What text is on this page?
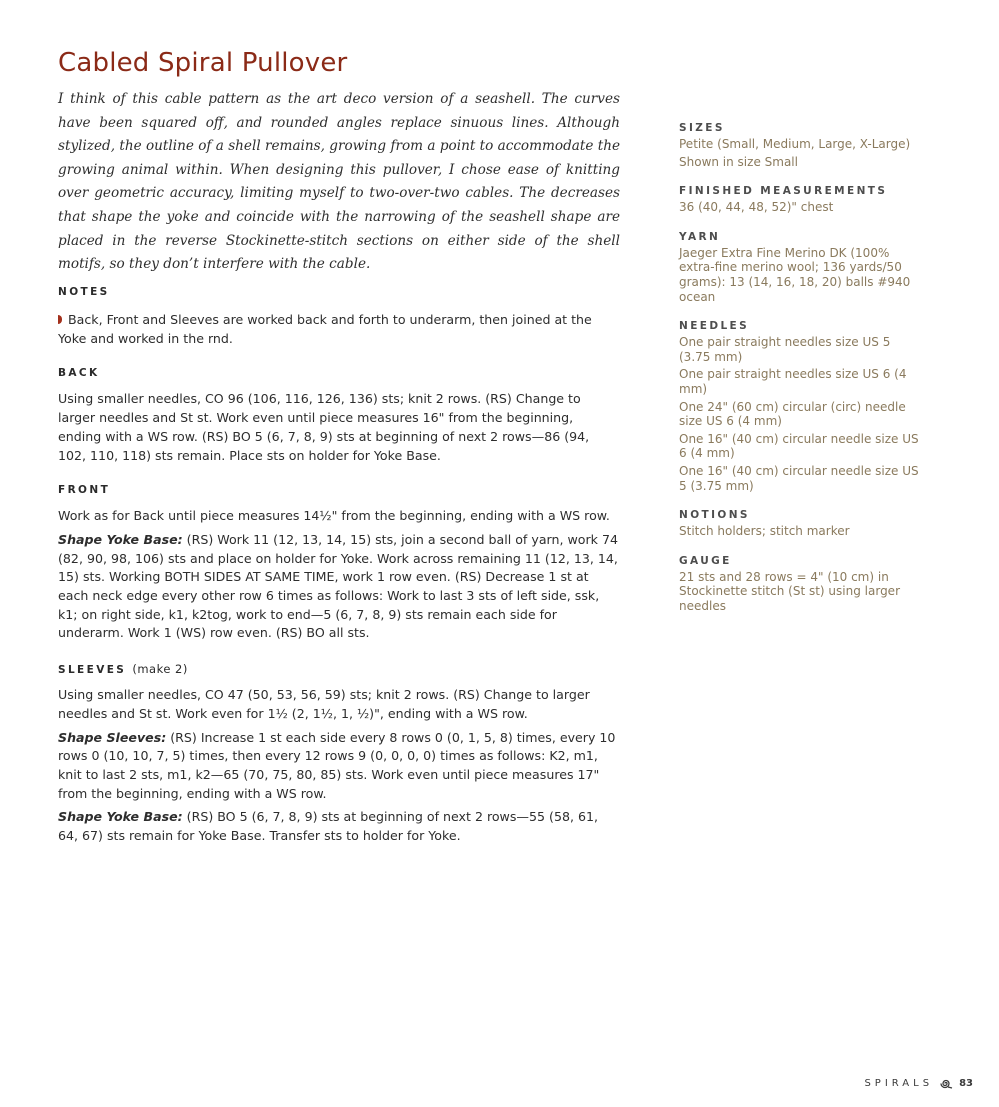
Cabled Spiral Pullover

I think of this cable pattern as the art deco version of a seashell. The curves have been squared off, and rounded angles replace sinuous lines. Although stylized, the outline of a shell remains, growing from a point to accommodate the growing animal within. When designing this pullover, I chose ease of knitting over geometric accuracy, limiting myself to two-over-two cables. The decreases that shape the yoke and coincide with the narrowing of the seashell shape are placed in the reverse Stockinette-stitch sections on either side of the shell motifs, so they don’t interfere with the cable.

NOTES

Back, Front and Sleeves are worked back and forth to underarm, then joined at the Yoke and worked in the rnd.

BACK

Using smaller needles, CO 96 (106, 116, 126, 136) sts; knit 2 rows. (RS) Change to larger needles and St st. Work even until piece measures 16" from the beginning, ending with a WS row. (RS) BO 5 (6, 7, 8, 9) sts at beginning of next 2 rows—86 (94, 102, 110, 118) sts remain. Place sts on holder for Yoke Base.

FRONT

Work as for Back until piece measures 14½" from the beginning, ending with a WS row.

Shape Yoke Base: (RS) Work 11 (12, 13, 14, 15) sts, join a second ball of yarn, work 74 (82, 90, 98, 106) sts and place on holder for Yoke. Work across remaining 11 (12, 13, 14, 15) sts. Working BOTH SIDES AT SAME TIME, work 1 row even. (RS) Decrease 1 st at each neck edge every other row 6 times as follows: Work to last 3 sts of left side, ssk, k1; on right side, k1, k2tog, work to end—5 (6, 7, 8, 9) sts remain each side for underarm. Work 1 (WS) row even. (RS) BO all sts.

SLEEVES (make 2)

Using smaller needles, CO 47 (50, 53, 56, 59) sts; knit 2 rows. (RS) Change to larger needles and St st. Work even for 1½ (2, 1½, 1, ½)", ending with a WS row.

Shape Sleeves: (RS) Increase 1 st each side every 8 rows 0 (0, 1, 5, 8) times, every 10 rows 0 (10, 10, 7, 5) times, then every 12 rows 9 (0, 0, 0, 0) times as follows: K2, m1, knit to last 2 sts, m1, k2—65 (70, 75, 80, 85) sts. Work even until piece measures 17" from the beginning, ending with a WS row.

Shape Yoke Base: (RS) BO 5 (6, 7, 8, 9) sts at beginning of next 2 rows—55 (58, 61, 64, 67) sts remain for Yoke Base. Transfer sts to holder for Yoke.

SIZES
Petite (Small, Medium, Large, X-Large)
Shown in size Small
FINISHED MEASUREMENTS
36 (40, 44, 48, 52)" chest
YARN
Jaeger Extra Fine Merino DK (100% extra-fine merino wool; 136 yards/50 grams): 13 (14, 16, 18, 20) balls #940 ocean
NEEDLES
One pair straight needles size US 5 (3.75 mm)
One pair straight needles size US 6 (4 mm)
One 24" (60 cm) circular (circ) needle size US 6 (4 mm)
One 16" (40 cm) circular needle size US 6 (4 mm)
One 16" (40 cm) circular needle size US 5 (3.75 mm)
NOTIONS
Stitch holders; stitch marker
GAUGE
21 sts and 28 rows = 4" (10 cm) in Stockinette stitch (St st) using larger needles
SPIRALS	83
